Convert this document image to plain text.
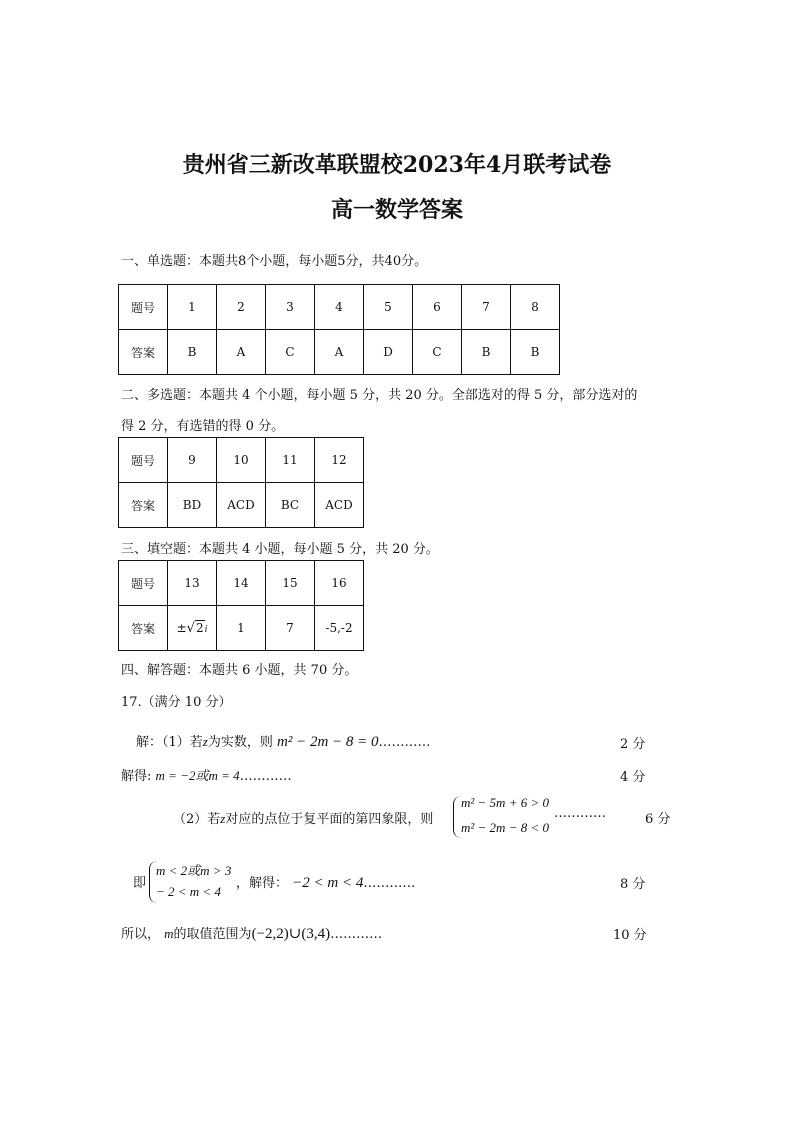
贵州省三新改革联盟校2023年4月联考试卷
高一数学答案
一、单选题：本题共8个小题，每小题5分，共40分。
题号	1	2	3	4	5	6	7	8
答案	B	A	C	A	D	C	B	B
二、多选题：本题共 4 个小题，每小题 5 分，共 20 分。全部选对的得 5 分，部分选对的
得 2 分，有选错的得 0 分。
题号	9	10	11	12
答案	BD	ACD	BC	ACD
三、填空题：本题共 4 小题，每小题 5 分，共 20 分。
题号	13	14	15	16
答案	±√2i	1	7	-5,-2
四、解答题：本题共 6 小题，共 70 分。
17.（满分 10 分）
解：（1）若z为实数，则 m² − 2m − 8 = 0…………	2 分
解得: m = −2或m = 4…………	4 分
（2）若z对应的点位于复平面的第四象限，则
m² − 5m + 6 > 0
m² − 2m − 8 < 0
…………	6 分
即
m < 2或m > 3
− 2 < m < 4
，解得： −2 < m < 4…………	8 分
所以， m的取值范围为(−2,2)∪(3,4)…………	10 分
